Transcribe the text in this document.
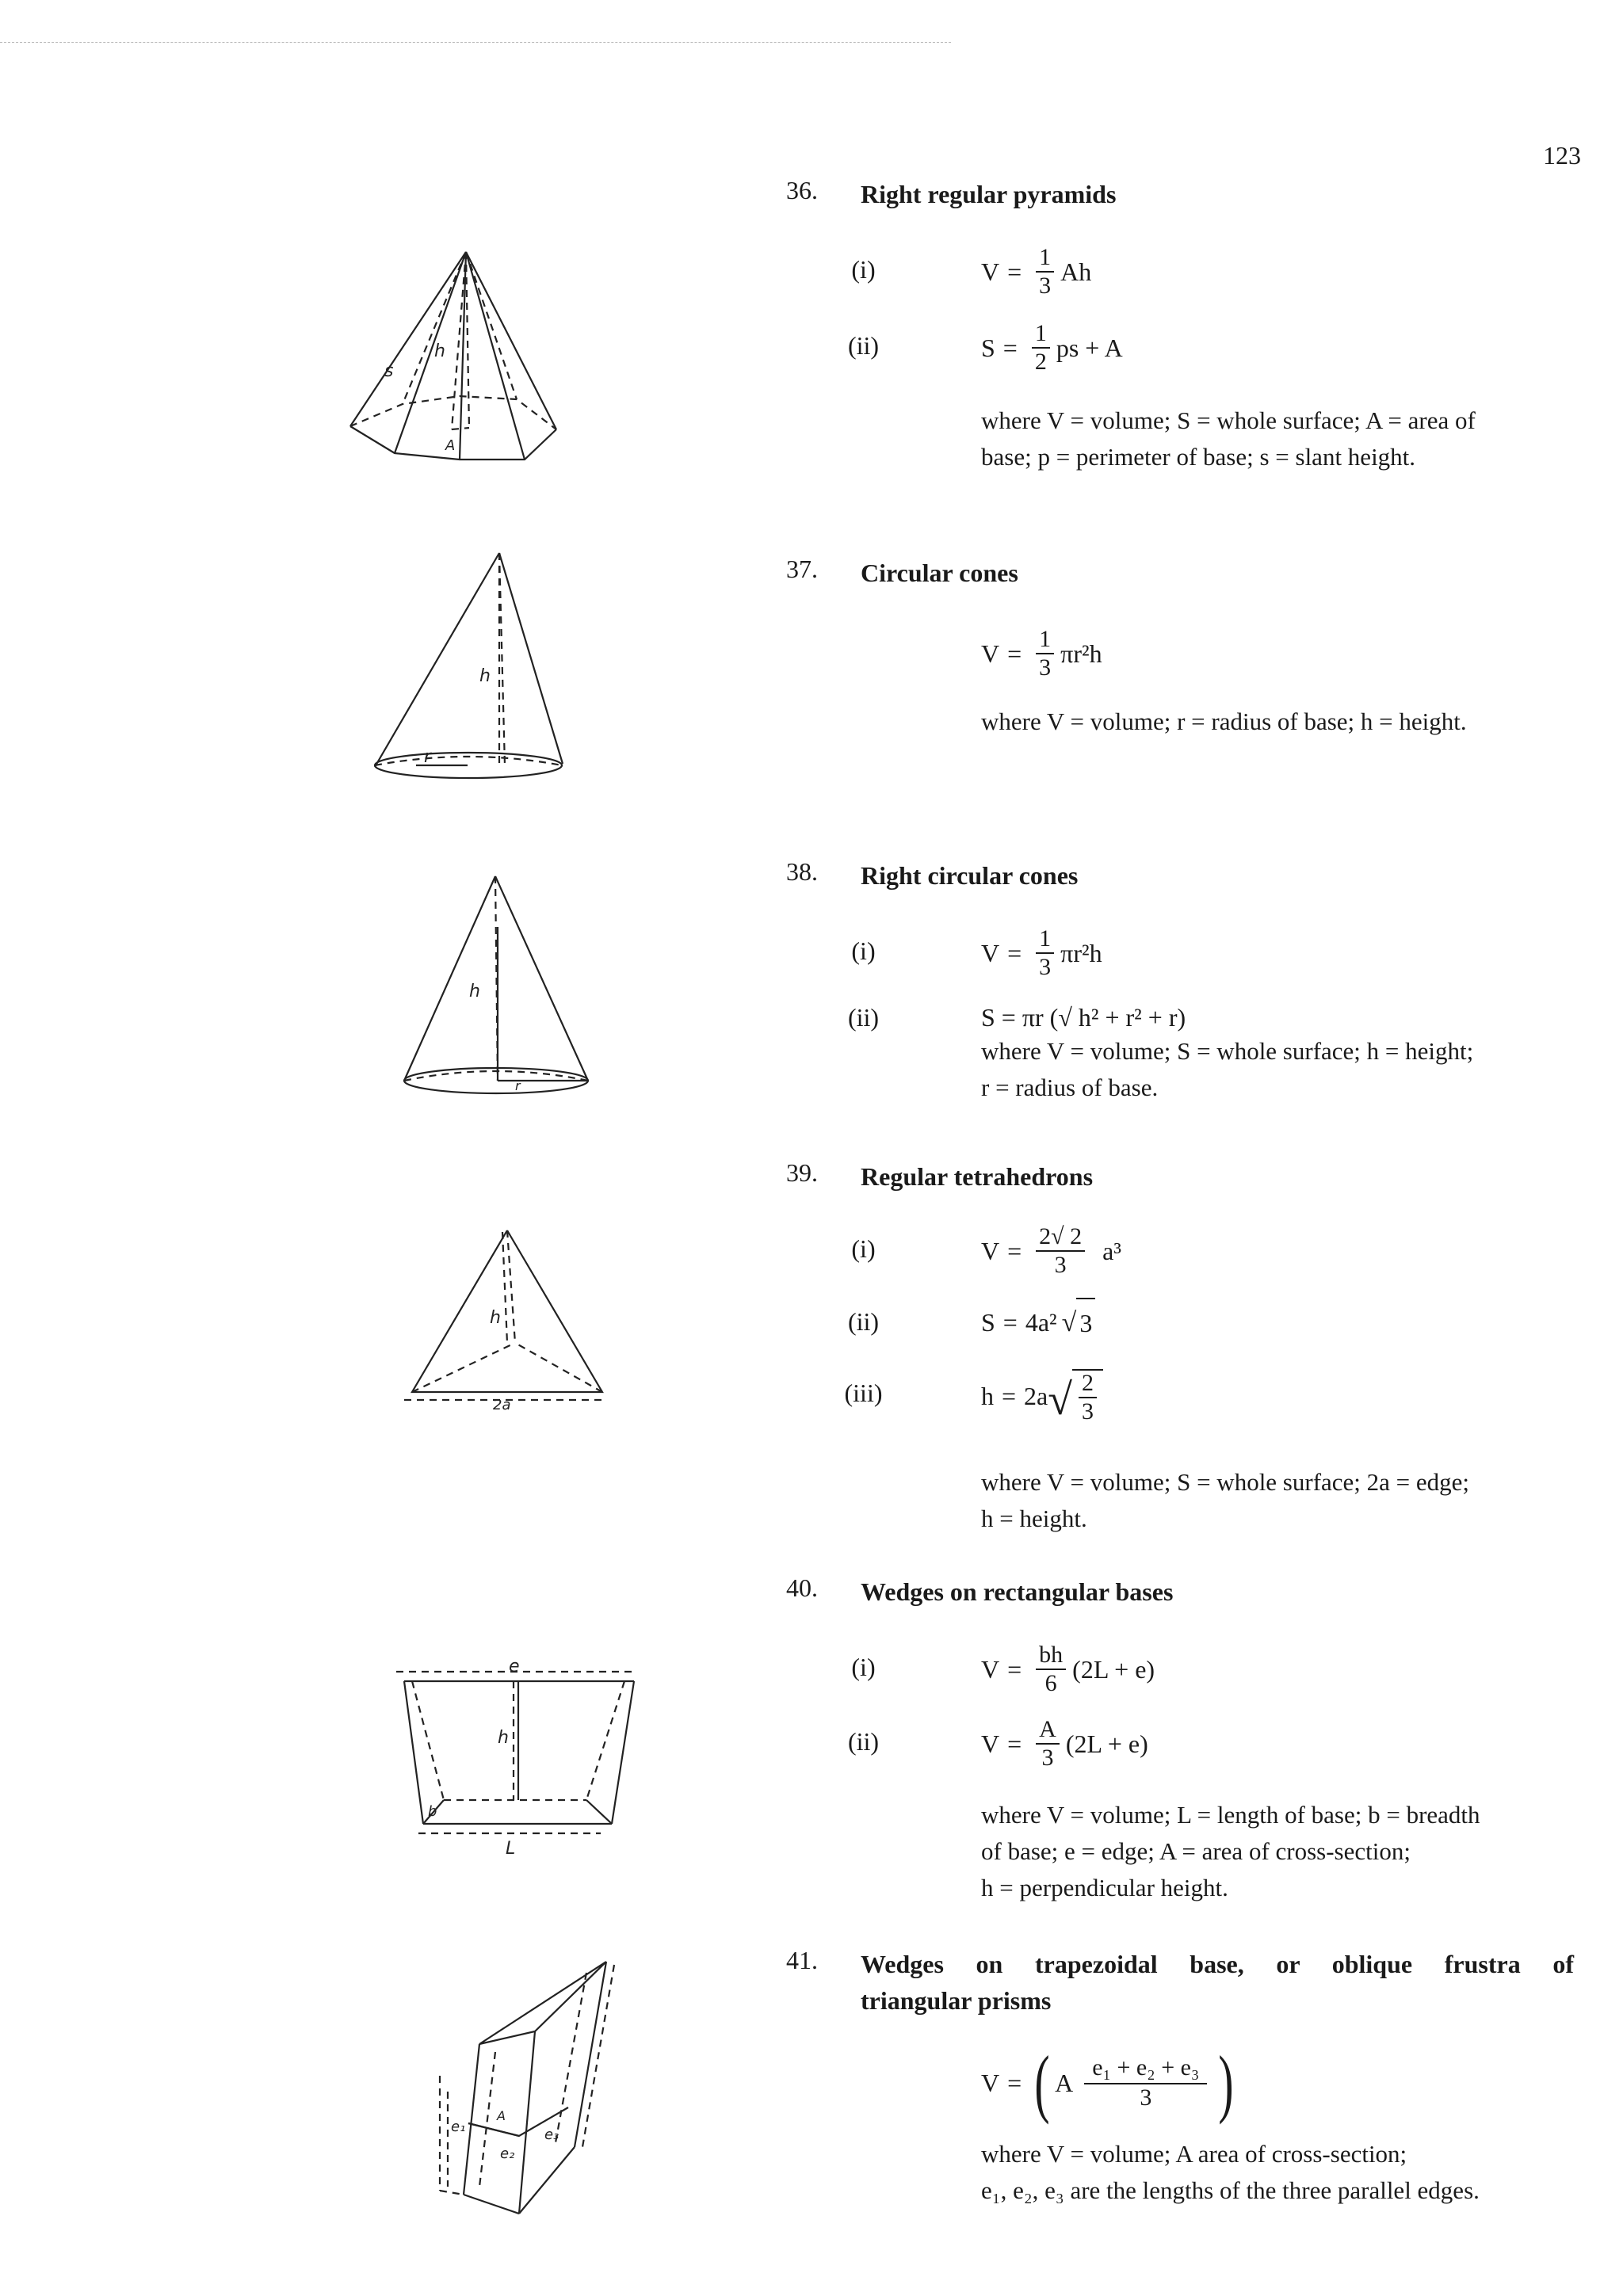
123
s
h
A
h
r
h
r
h
2a
e
h
b
L
e₁
e₂
e₃
A
36. Right regular pyramids
(i)	$V = \frac{1}{3}$ Ah
(ii)	$S = \frac{1}{2}$ ps + A
where V = volume; S = whole surface; A = area of
base; p = perimeter of base; s = slant height.
37. Circular cones
$V = \frac{1}{3} \pi r^2h$
where V = volume; r = radius of base; h = height.
38. Right circular cones
(i)	$V = \frac{1}{3} \pi r^2h$
(ii)	S = πr (√ h² + r² + r)
where V = volume; S = whole surface; h = height;
r = radius of base.
39. Regular tetrahedrons
(i)	$V = \frac{2√ 2}{3} a^3$
(ii)	S = 4a² √ 3
(iii)	h = 2a √ $\frac{2}{3}$
where V = volume; S = whole surface; 2a = edge;
h = height.
40. Wedges on rectangular bases
(i)	$V = \frac{bh}{6} (2L + e)$
(ii)	$V = \frac{A}{3} (2L + e)$
where V = volume; L = length of base; b = breadth
of base; e = edge; A = area of cross-section;
h = perpendicular height.
41. Wedges on trapezoidal base, or oblique frustra of
triangular prisms
V = ( A $\frac{\text{e₁ + e₂ + e₃}}{3}$ )
where V = volume; A area of cross-section;
e₁, e₂, e₃ are the lengths of the three parallel edges.
